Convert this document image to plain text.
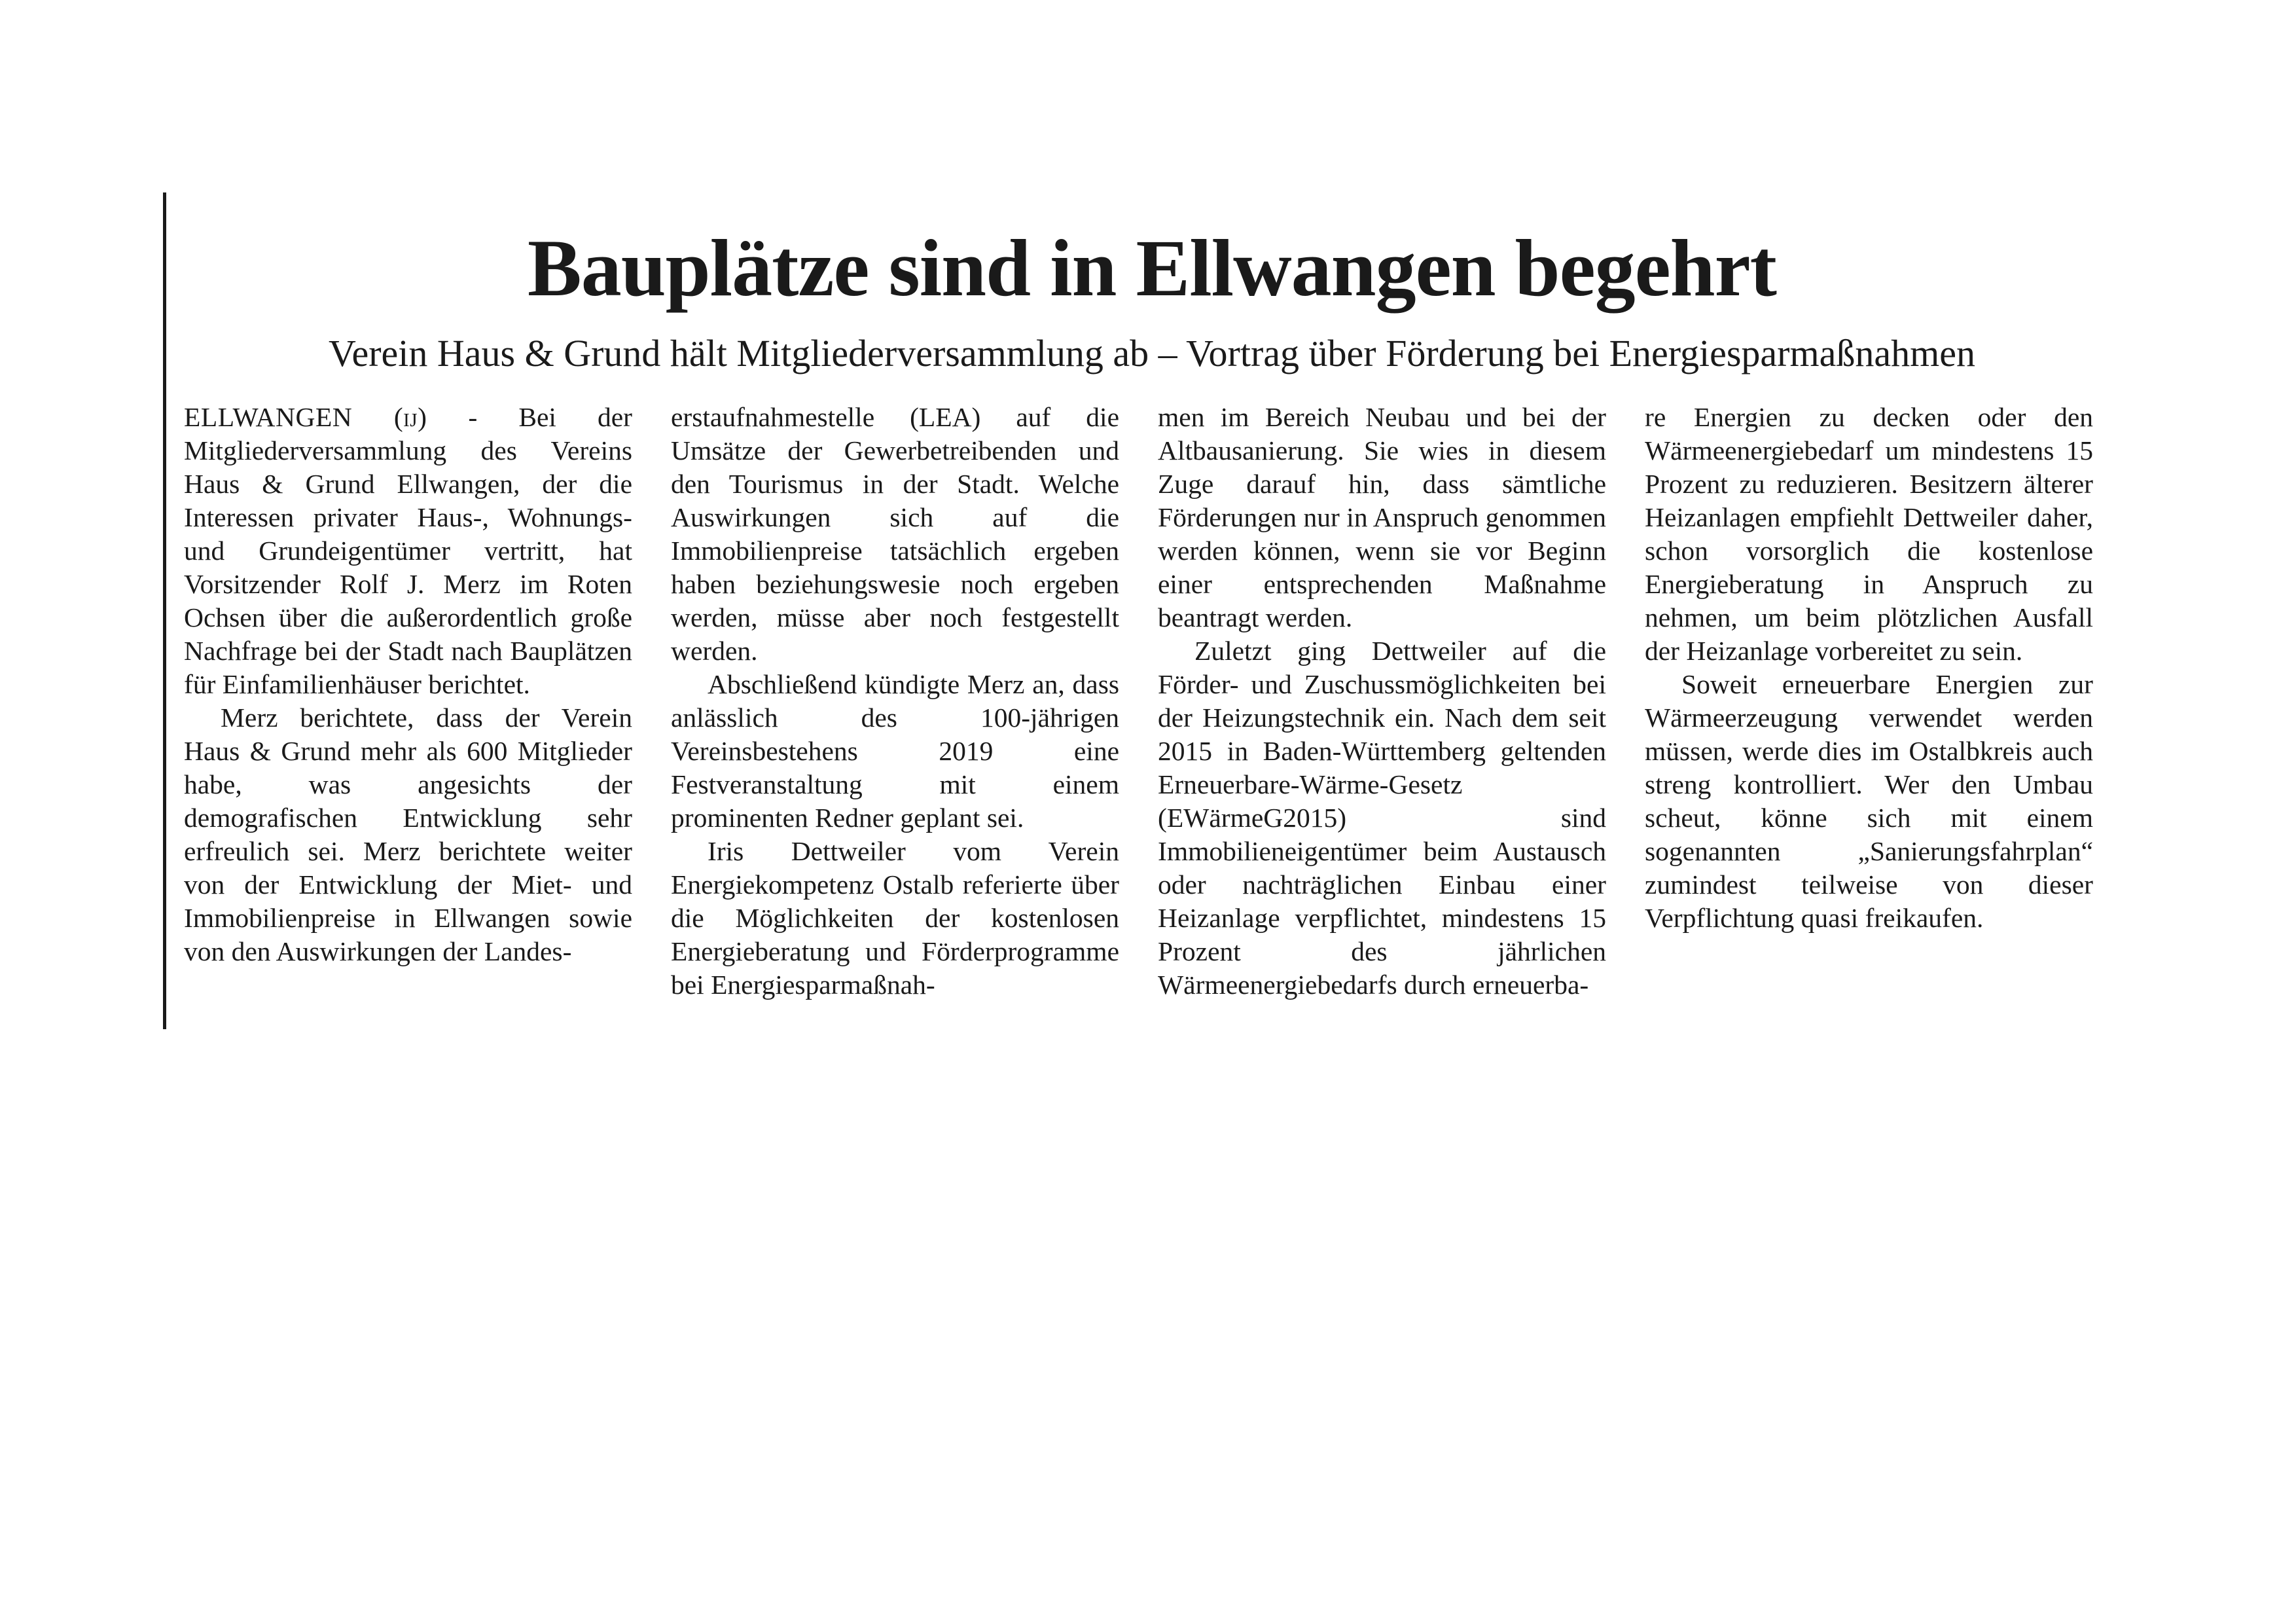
Bauplätze sind in Ellwangen begehrt
Verein Haus & Grund hält Mitgliederversammlung ab – Vortrag über Förderung bei Energiesparmaßnahmen

ELLWANGEN (ij) - Bei der Mitgliederversammlung des Vereins Haus & Grund Ellwangen, der die Interessen privater Haus-, Wohnungs- und Grundeigentümer vertritt, hat Vorsitzender Rolf J. Merz im Roten Ochsen über die außerordentlich große Nachfrage bei der Stadt nach Bauplätzen für Einfamilienhäuser berichtet.

Merz berichtete, dass der Verein Haus & Grund mehr als 600 Mitglieder habe, was angesichts der demografischen Entwicklung sehr erfreulich sei. Merz berichtete weiter von der Entwicklung der Miet- und Immobilienpreise in Ellwangen sowie von den Auswirkungen der Landes-

erstaufnahmestelle (LEA) auf die Umsätze der Gewerbetreibenden und den Tourismus in der Stadt. Welche Auswirkungen sich auf die Immobilienpreise tatsächlich ergeben haben beziehungswesie noch ergeben werden, müsse aber noch festgestellt werden.

Abschließend kündigte Merz an, dass anlässlich des 100-jährigen Vereinsbestehens 2019 eine Festveranstaltung mit einem prominenten Redner geplant sei.

Iris Dettweiler vom Verein Energiekompetenz Ostalb referierte über die Möglichkeiten der kostenlosen Energieberatung und Förderprogramme bei Energiesparmaßnah-

men im Bereich Neubau und bei der Altbausanierung. Sie wies in diesem Zuge darauf hin, dass sämtliche Förderungen nur in Anspruch genommen werden können, wenn sie vor Beginn einer entsprechenden Maßnahme beantragt werden.

Zuletzt ging Dettweiler auf die Förder- und Zuschussmöglichkeiten bei der Heizungstechnik ein. Nach dem seit 2015 in Baden-Württemberg geltenden Erneuerbare-Wärme-Gesetz (EWärmeG2015) sind Immobilieneigentümer beim Austausch oder nachträglichen Einbau einer Heizanlage verpflichtet, mindestens 15 Prozent des jährlichen Wärmeenergiebedarfs durch erneuerba-

re Energien zu decken oder den Wärmeenergiebedarf um mindestens 15 Prozent zu reduzieren. Besitzern älterer Heizanlagen empfiehlt Dettweiler daher, schon vorsorglich die kostenlose Energieberatung in Anspruch zu nehmen, um beim plötzlichen Ausfall der Heizanlage vorbereitet zu sein.

Soweit erneuerbare Energien zur Wärmeerzeugung verwendet werden müssen, werde dies im Ostalbkreis auch streng kontrolliert. Wer den Umbau scheut, könne sich mit einem sogenannten „Sanierungsfahrplan“ zumindest teilweise von dieser Verpflichtung quasi freikaufen.
